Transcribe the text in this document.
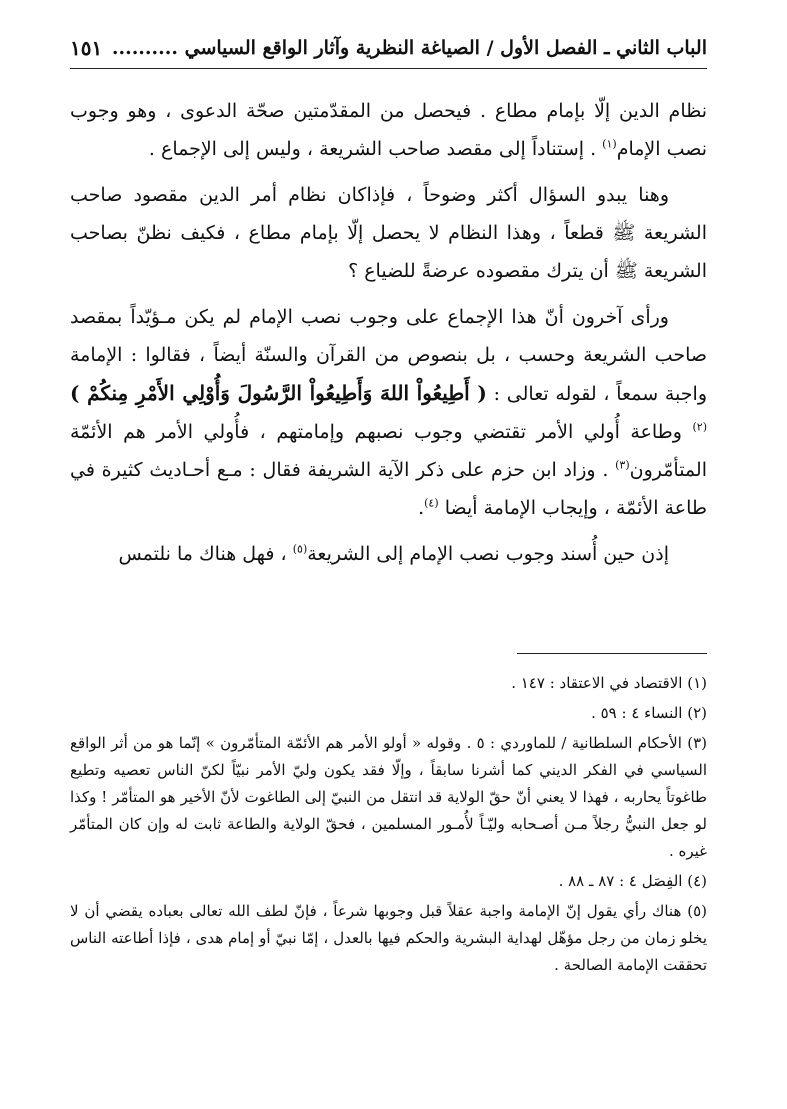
الباب الثاني ـ الفصل الأول / الصياغة النظرية وآثار الواقع السياسي ..........
١٥١

نظام الدين إلّا بإمام مطاع . فيحصل من المقدّمتين صحّة الدعوى ، وهو وجوب نصب الإمام$^{(١)}$ . إستناداً إلى مقصد صاحب الشريعة ، وليس إلى الإجماع .

وهنا يبدو السؤال أكثر وضوحاً ، فإذاكان نظام أمر الدين مقصود صاحب الشريعة ﷺ قطعاً ، وهذا النظام لا يحصل إلّا بإمام مطاع ، فكيف نظنّ بصاحب الشريعة ﷺ أن يترك مقصوده عرضةً للضياع ؟

ورأى آخرون أنّ هذا الإجماع على وجوب نصب الإمام لم يكن مـؤيّداً بمقصد صاحب الشريعة وحسب ، بل بنصوص من القرآن والسنّة أيضاً ، فقالوا : الإمامة واجبة سمعاً ، لقوله تعالى : ( أَطِيعُواْ اللهَ وَأَطِيعُواْ الرَّسُولَ وَأُوْلِي الأَمْرِ مِنكُمْ )$^{(٢)}$ وطاعة أُولي الأمر تقتضي وجوب نصبهم وإمامتهم ، فأُولي الأمر هم الأئمّة المتأمّرون$^{(٣)}$ . وزاد ابن حزم على ذكر الآية الشريفة فقال : مـع أحـاديث كثيرة في طاعة الأئمّة ، وإيجاب الإمامة أيضا $^{(٤)}$.

إذن حين أُسند وجوب نصب الإمام إلى الشريعة$^{(٥)}$ ، فهل هناك ما نلتمس

(١) الاقتصاد في الاعتقاد : ١٤٧ .

(٢) النساء ٤ : ٥٩ .

(٣) الأحكام السلطانية / للماوردي : ٥ . وقوله « أولو الأمر هم الأئمّة المتأمّرون » إنّما هو من أثر الواقع السياسي في الفكر الديني كما أشرنا سابقاً ، وإلّا فقد يكون وليّ الأمر نبيّاً لكنّ الناس تعصيه وتطيع طاغوتاً يحاربه ، فهذا لا يعني أنّ حقّ الولاية قد انتقل من النبيّ إلى الطاغوت لأنّ الأخير هو المتأمّر ! وكذا لو جعل النبيُّ رجلاً مـن أصـحابه وليّـاً لأُمـور المسلمين ، فحقّ الولاية والطاعة ثابت له وإن كان المتأمّر غيره .

(٤) الفِصَل ٤ : ٨٧ ـ ٨٨ .

(٥) هناك رأي يقول إنّ الإمامة واجبة عقلاً قبل وجوبها شرعاً ، فإنّ لطف الله تعالى بعباده يقضي أن لا يخلو زمان من رجل مؤهّل لهداية البشرية والحكم فيها بالعدل ، إمّا نبيّ أو إمام هدى ، فإذا أطاعته الناس تحققت الإمامة الصالحة .
